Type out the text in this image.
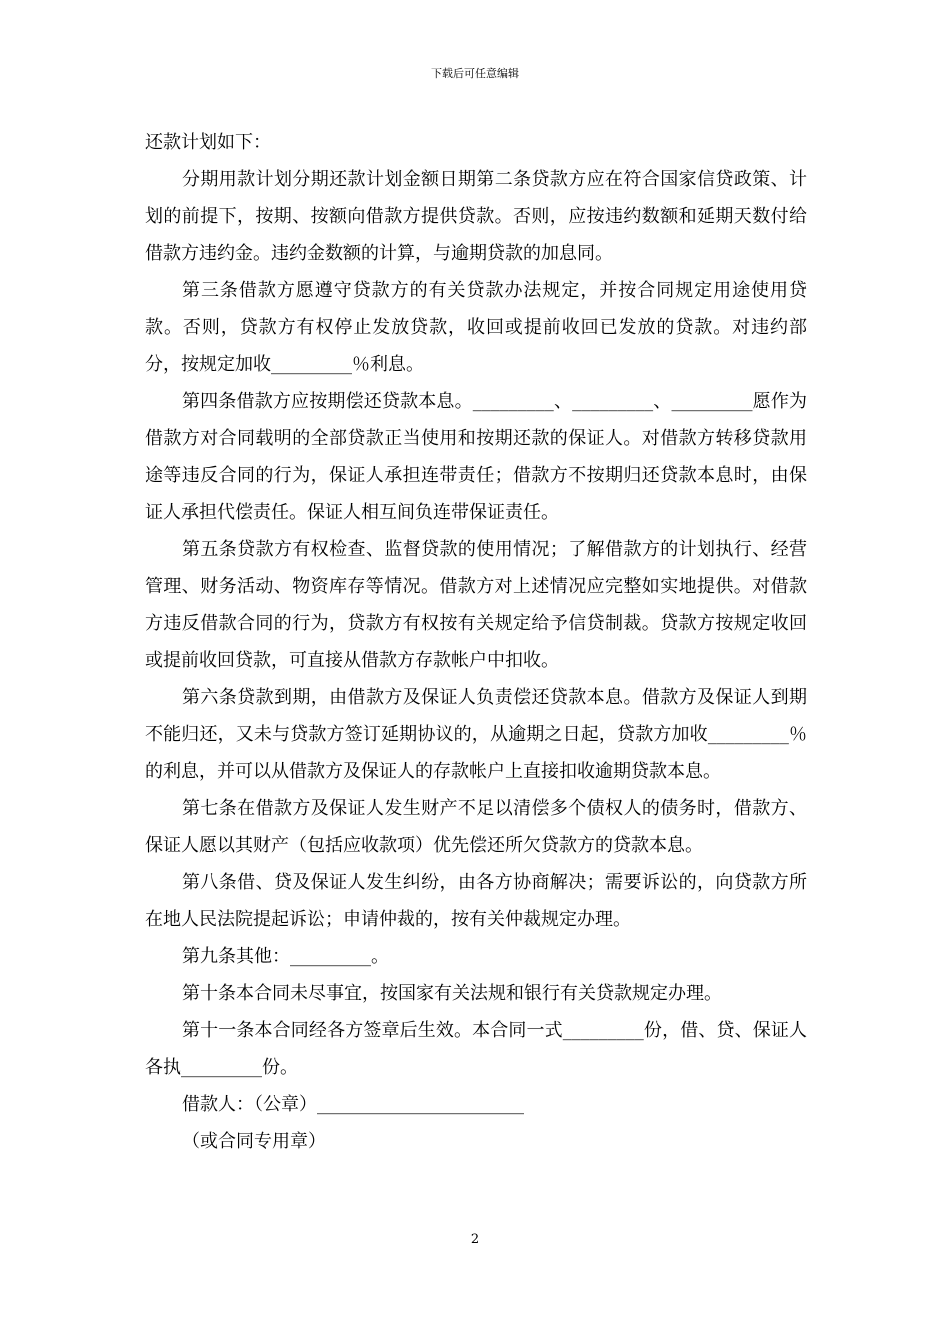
下载后可任意编辑

还款计划如下：

分期用款计划分期还款计划金额日期第二条贷款方应在符合国家信贷政策、计划的前提下，按期、按额向借款方提供贷款。否则，应按违约数额和延期天数付给借款方违约金。违约金数额的计算，与逾期贷款的加息同。

第三条借款方愿遵守贷款方的有关贷款办法规定，并按合同规定用途使用贷款。否则，贷款方有权停止发放贷款，收回或提前收回已发放的贷款。对违约部分，按规定加收_________％利息。

第四条借款方应按期偿还贷款本息。_________、_________、_________愿作为借款方对合同载明的全部贷款正当使用和按期还款的保证人。对借款方转移贷款用途等违反合同的行为，保证人承担连带责任；借款方不按期归还贷款本息时，由保证人承担代偿责任。保证人相互间负连带保证责任。

第五条贷款方有权检查、监督贷款的使用情况；了解借款方的计划执行、经营管理、财务活动、物资库存等情况。借款方对上述情况应完整如实地提供。对借款方违反借款合同的行为，贷款方有权按有关规定给予信贷制裁。贷款方按规定收回或提前收回贷款，可直接从借款方存款帐户中扣收。

第六条贷款到期，由借款方及保证人负责偿还贷款本息。借款方及保证人到期不能归还，又未与贷款方签订延期协议的，从逾期之日起，贷款方加收_________％的利息，并可以从借款方及保证人的存款帐户上直接扣收逾期贷款本息。

第七条在借款方及保证人发生财产不足以清偿多个债权人的债务时，借款方、保证人愿以其财产（包括应收款项）优先偿还所欠贷款方的贷款本息。

第八条借、贷及保证人发生纠纷，由各方协商解决；需要诉讼的，向贷款方所在地人民法院提起诉讼；申请仲裁的，按有关仲裁规定办理。

第九条其他：_________。

第十条本合同未尽事宜，按国家有关法规和银行有关贷款规定办理。

第十一条本合同经各方签章后生效。本合同一式_________份，借、贷、保证人各执_________份。

借款人：（公章）_______________________

（或合同专用章）

2
